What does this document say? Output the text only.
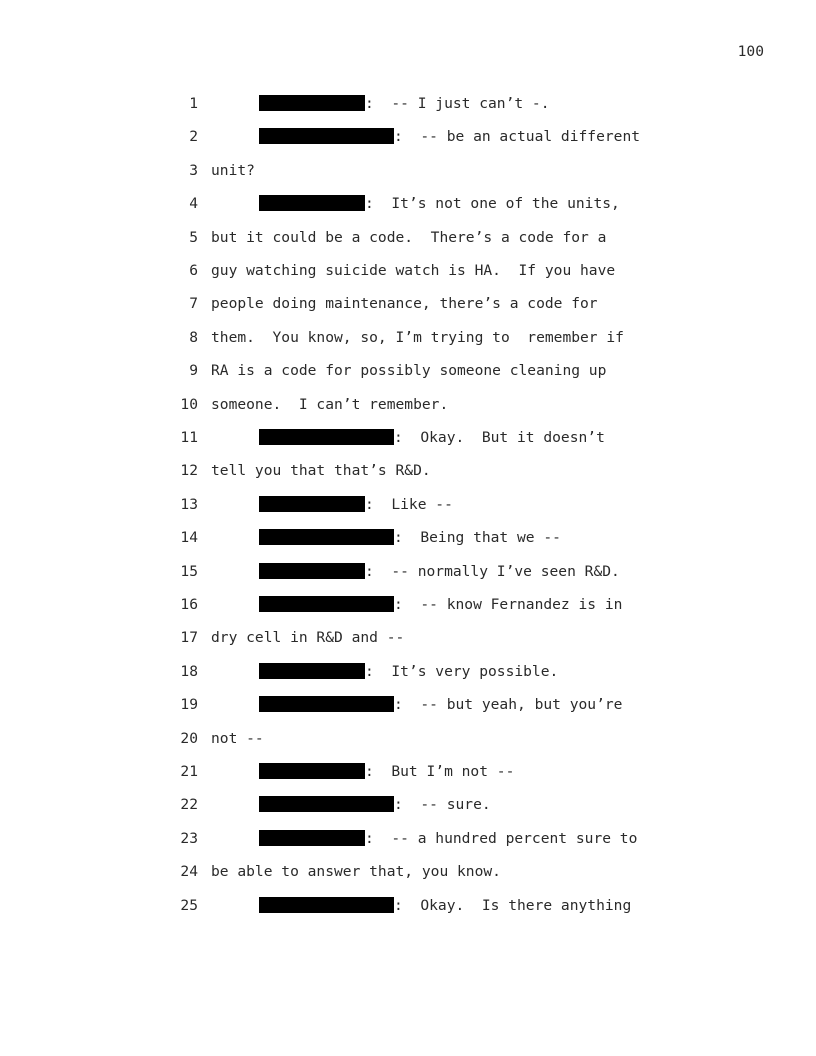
100
1	:  -- I just can’t -.
2	:  -- be an actual different
3 unit?
4	:  It’s not one of the units,
5 but it could be a code.  There’s a code for a
6 guy watching suicide watch is HA.  If you have
7 people doing maintenance, there’s a code for
8 them.  You know, so, I’m trying to  remember if
9 RA is a code for possibly someone cleaning up
10 someone.  I can’t remember.
11	:  Okay.  But it doesn’t
12 tell you that that’s R&D.
13	:  Like --
14	:  Being that we --
15	:  -- normally I’ve seen R&D.
16	:  -- know Fernandez is in
17 dry cell in R&D and --
18	:  It’s very possible.
19	:  -- but yeah, but you’re
20 not --
21	:  But I’m not --
22	:  -- sure.
23	:  -- a hundred percent sure to
24 be able to answer that, you know.
25	:  Okay.  Is there anything
